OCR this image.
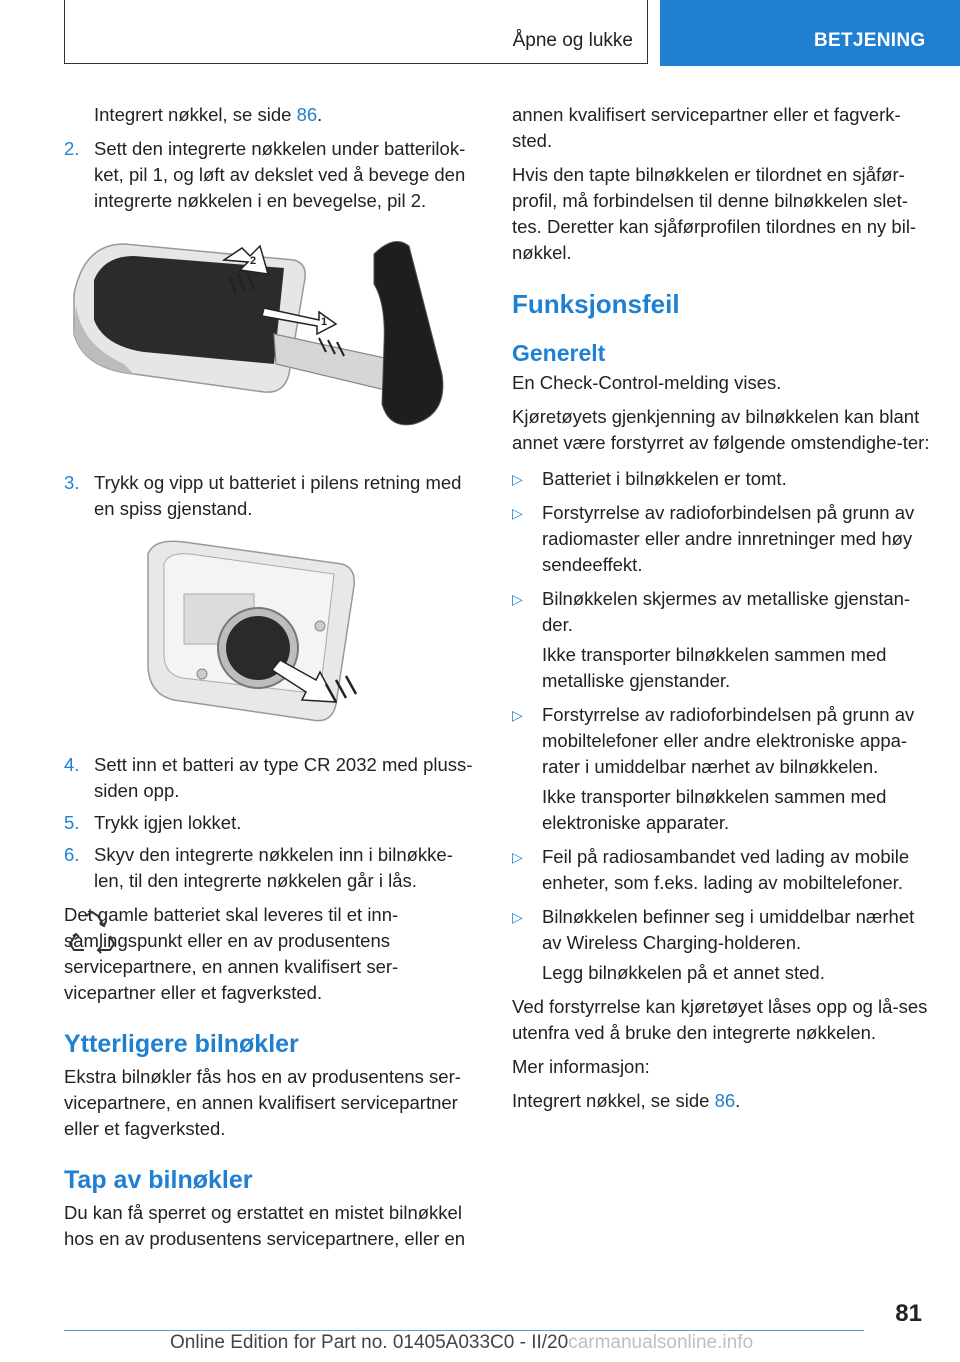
Åpne og lukke	BETJENING

Integrert nøkkel, se side 86.

2. Sett den integrerte nøkkelen under batterilok-ket, pil 1, og løft av dekslet ved å bevege den integrerte nøkkelen i en bevegelse, pil 2.
1
2
3. Trykk og vipp ut batteriet i pilens retning med en spiss gjenstand.
4. Sett inn et batteri av type CR 2032 med pluss-siden opp.
5. Trykk igjen lokket.
6. Skyv den integrerte nøkkelen inn i bilnøkke-len, til den integrerte nøkkelen går i lås.
Det gamle batteriet skal leveres til et inn-samlingspunkt eller en av produsentens servicepartnere, en annen kvalifisert ser-vicepartner eller et fagverksted.
Ytterligere bilnøkler

Ekstra bilnøkler fås hos en av produsentens ser-vicepartnere, en annen kvalifisert servicepartner eller et fagverksted.

Tap av bilnøkler

Du kan få sperret og erstattet en mistet bilnøkkel hos en av produsentens servicepartnere, eller en

annen kvalifisert servicepartner eller et fagverk-sted.

Hvis den tapte bilnøkkelen er tilordnet en sjåfør-profil, må forbindelsen til denne bilnøkkelen slet-tes. Deretter kan sjåførprofilen tilordnes en ny bil-nøkkel.

Funksjonsfeil
Generelt

En Check-Control-melding vises.

Kjøretøyets gjenkjenning av bilnøkkelen kan blant annet være forstyrret av følgende omstendighe-ter:

▷ Batteriet i bilnøkkelen er tomt.
▷ Forstyrrelse av radioforbindelsen på grunn av radiomaster eller andre innretninger med høy sendeeffekt.
▷ Bilnøkkelen skjermes av metalliske gjenstan-der.

Ikke transporter bilnøkkelen sammen med metalliske gjenstander.

▷ Forstyrrelse av radioforbindelsen på grunn av mobiltelefoner eller andre elektroniske appa-rater i umiddelbar nærhet av bilnøkkelen.

Ikke transporter bilnøkkelen sammen med elektroniske apparater.

▷ Feil på radiosambandet ved lading av mobile enheter, som f.eks. lading av mobiltelefoner.
▷ Bilnøkkelen befinner seg i umiddelbar nærhet av Wireless Charging-holderen.

Legg bilnøkkelen på et annet sted.

Ved forstyrrelse kan kjøretøyet låses opp og lå-ses utenfra ved å bruke den integrerte nøkkelen.

Mer informasjon:

Integrert nøkkel, se side 86.

81
Online Edition for Part no. 01405A033C0 - II/20carmanualsonline.info
